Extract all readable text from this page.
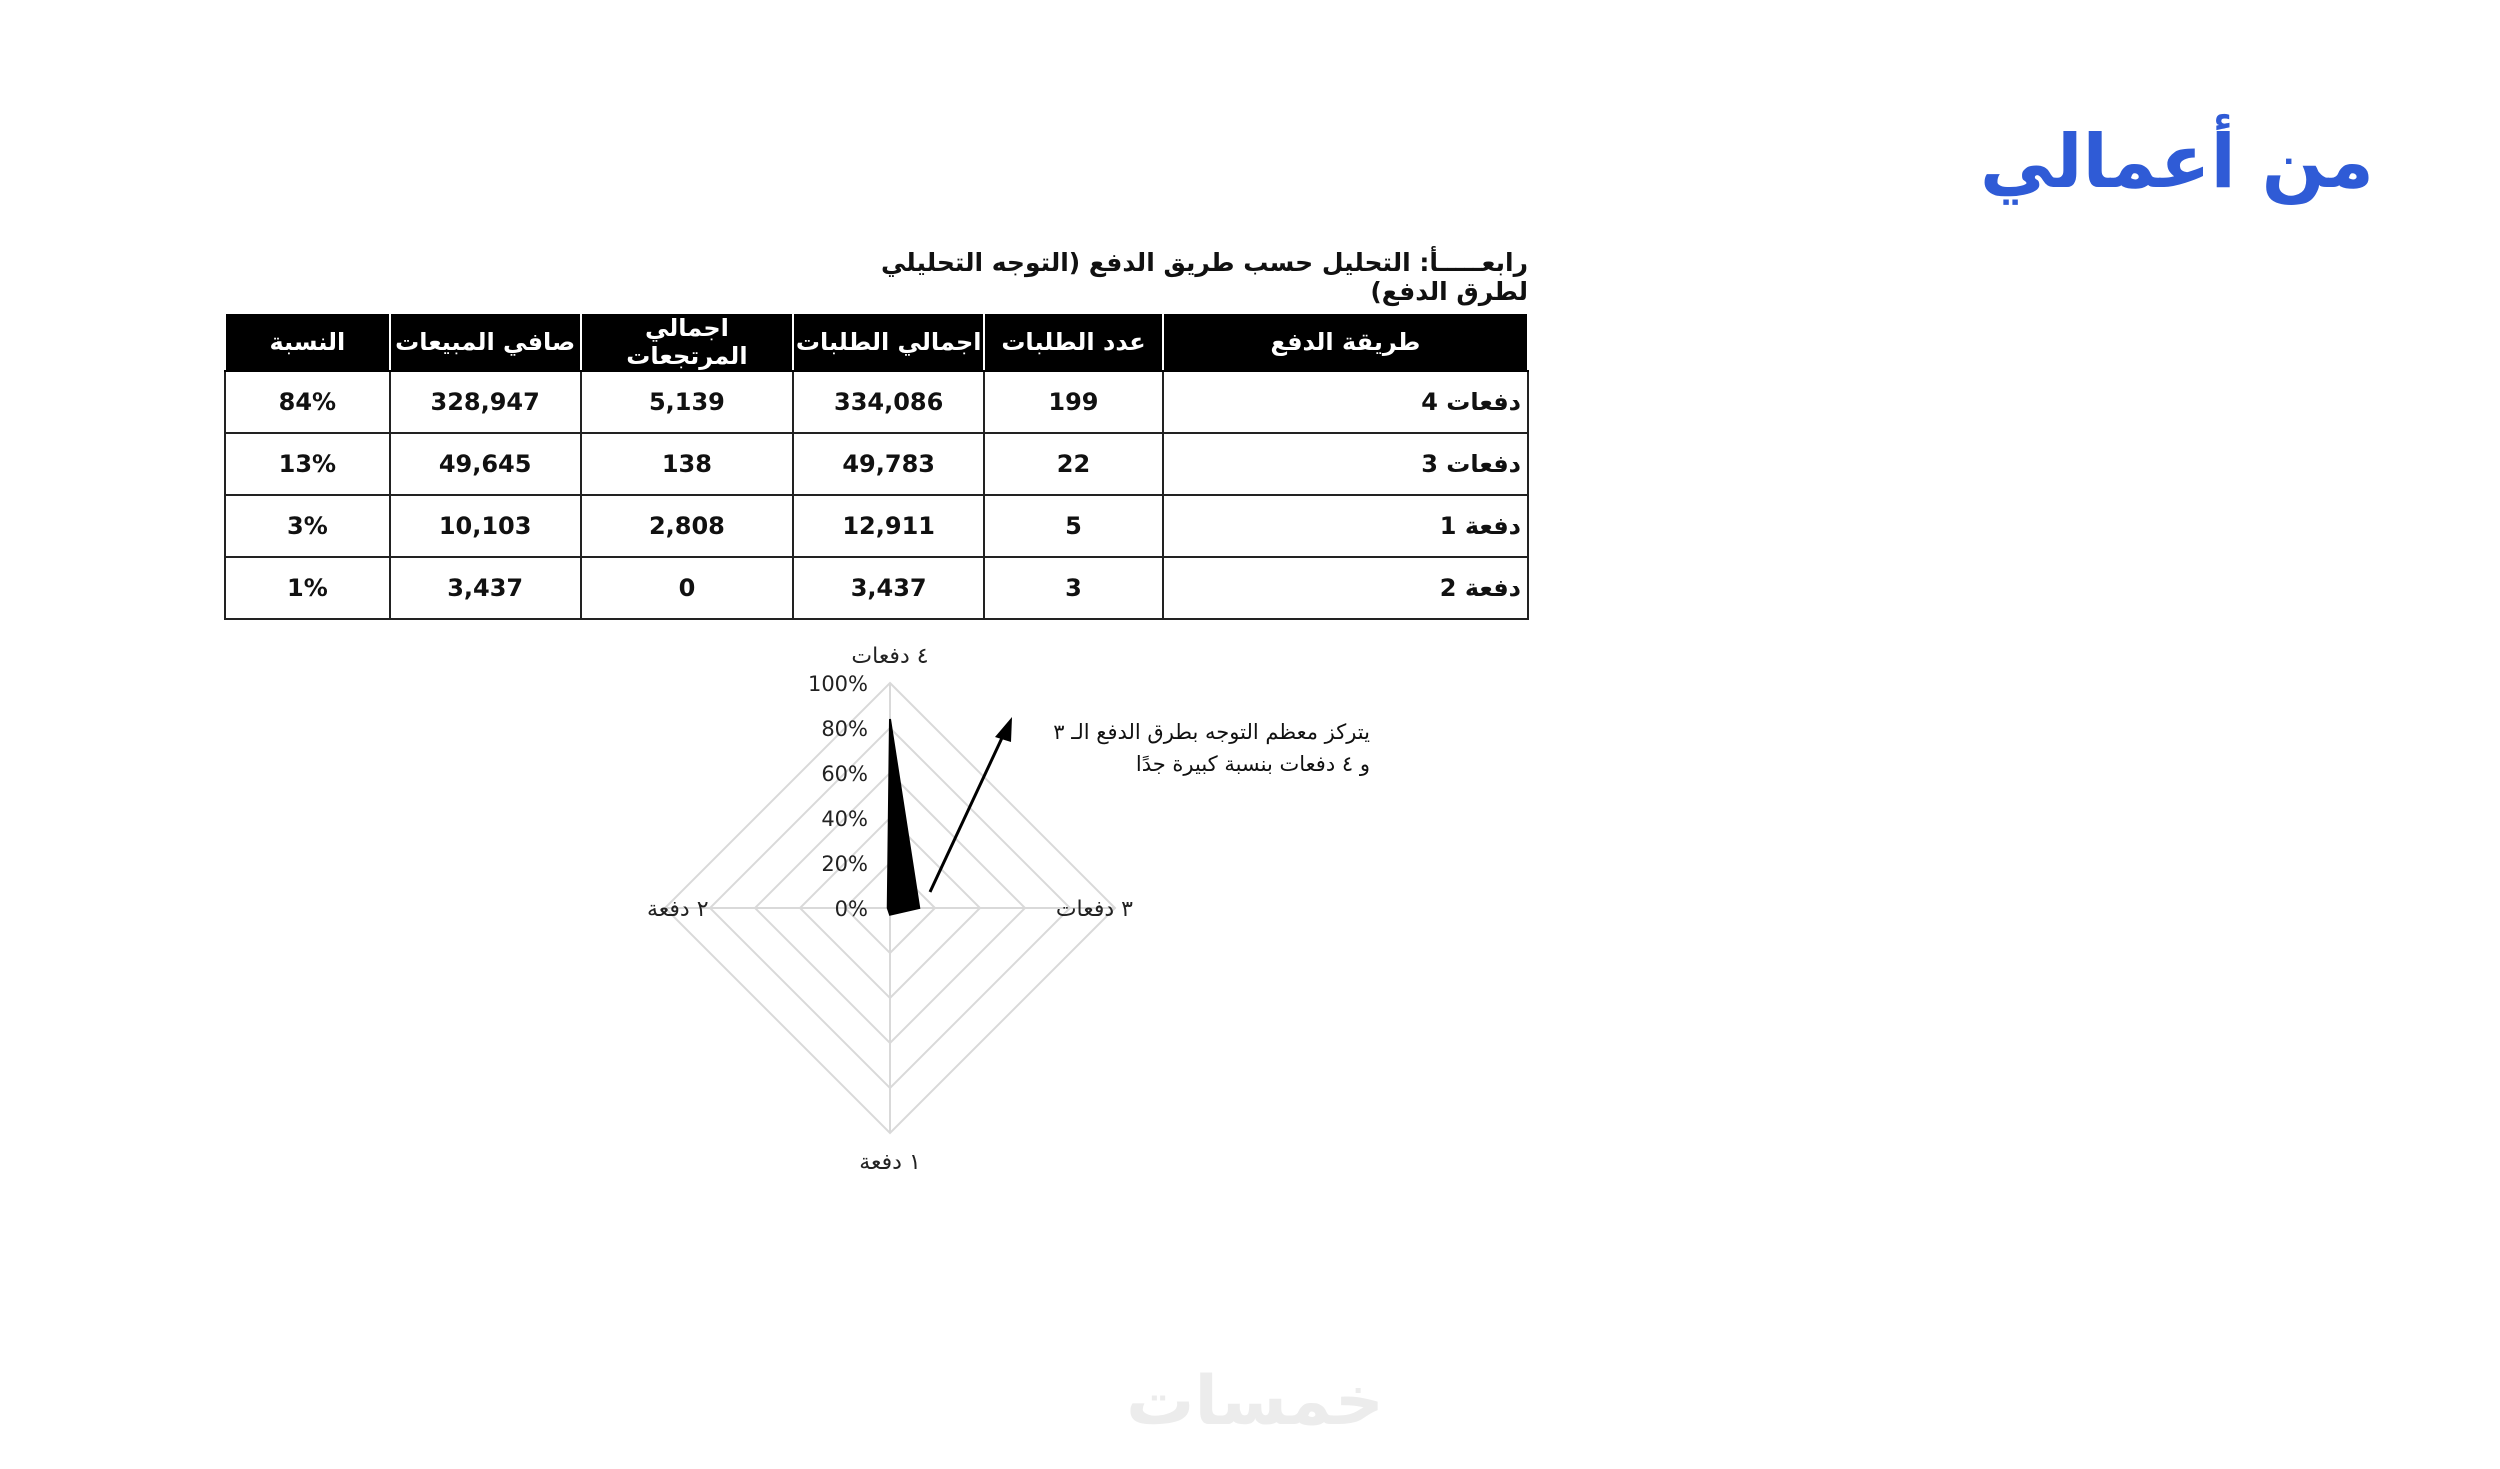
من أعمالي

رابعـــــأ: التحليل حسب طريق الدفع (التوجه التحليلي لطرق الدفع)

طريقة الدفع	عدد الطلبات	اجمالي الطلبات	اجمالي المرتجعات	صافي المبيعات	النسبة
دفعات 4	199	334,086	5,139	328,947	84%
دفعات 3	22	49,783	138	49,645	13%
دفعة 1	5	12,911	2,808	10,103	3%
دفعة 2	3	3,437	0	3,437	1%
0%
20%
40%
60%
80%
100%
٤ دفعات
٣ دفعات
١ دفعة
٢ دفعة
يتركز معظم التوجه بطرق الدفع الـ ٣
و ٤ دفعات بنسبة كبيرة جدًا
خمسات
